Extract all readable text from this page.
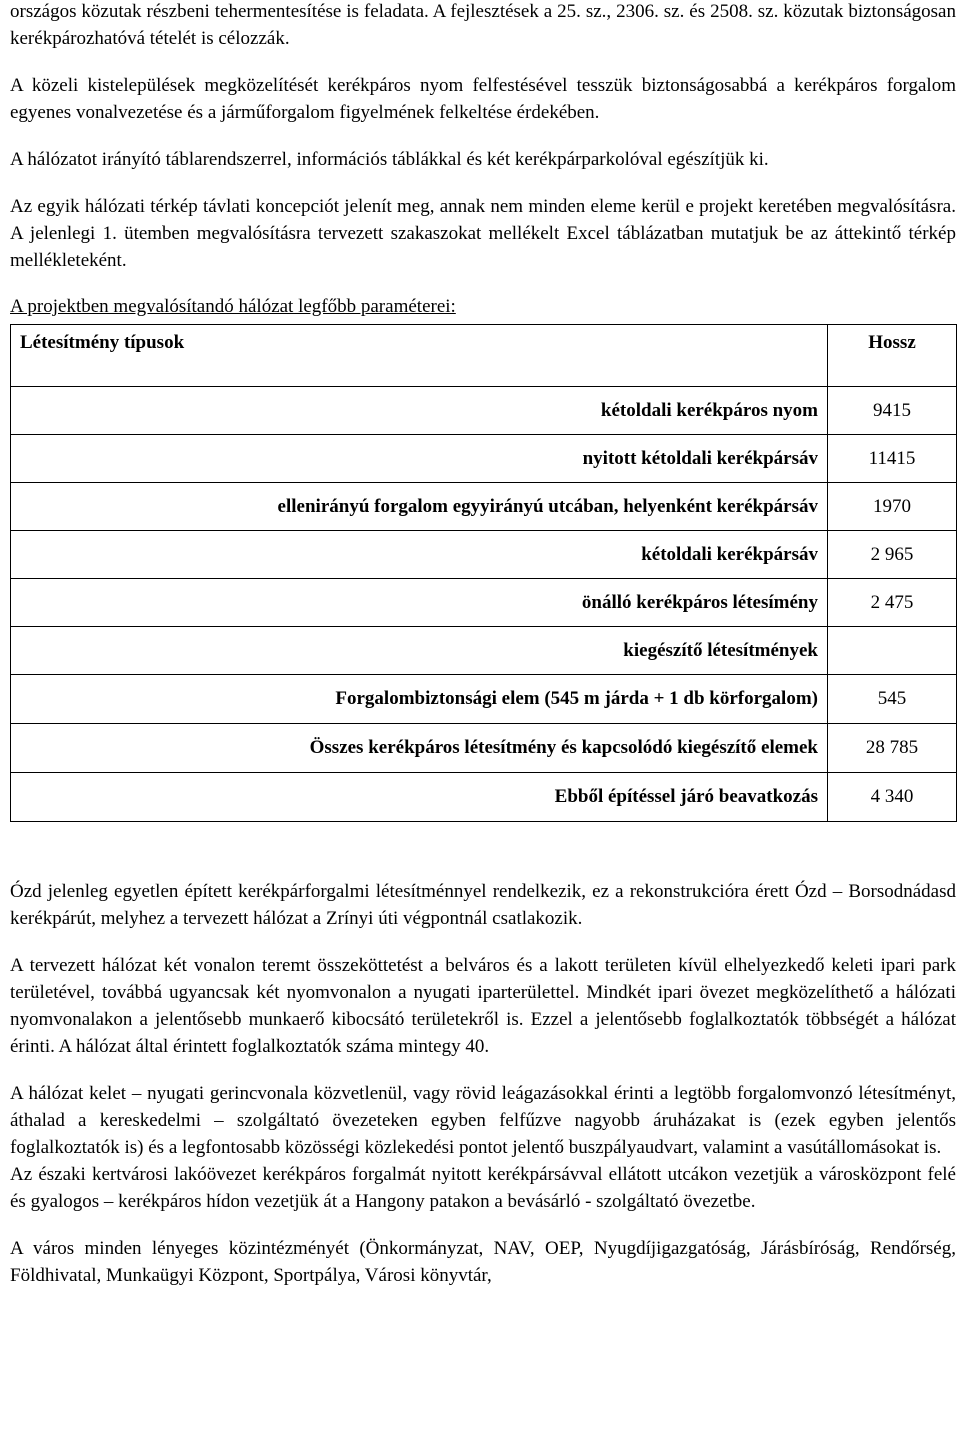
országos közutak részbeni tehermentesítése is feladata. A fejlesztések a 25. sz., 2306. sz. és 2508. sz. közutak biztonságosan kerékpározhatóvá tételét is célozzák.

A közeli kistelepülések megközelítését kerékpáros nyom felfestésével tesszük biztonságosabbá a kerékpáros forgalom egyenes vonalvezetése és a járműforgalom figyelmének felkeltése érdekében.

A hálózatot irányító táblarendszerrel, információs táblákkal és két kerékpárparkolóval egészítjük ki.

Az egyik hálózati térkép távlati koncepciót jelenít meg, annak nem minden eleme kerül e projekt keretében megvalósításra. A jelenlegi 1. ütemben megvalósításra tervezett szakaszokat mellékelt Excel táblázatban mutatjuk be az áttekintő térkép mellékleteként.

A projektben megvalósítandó hálózat legfőbb paraméterei:

Létesítmény típusok	Hossz
kétoldali kerékpáros nyom	9415
nyitott kétoldali kerékpársáv	11415
ellenirányú forgalom egyyirányú utcában, helyenként kerékpársáv	1970
kétoldali kerékpársáv	2 965
önálló kerékpáros létesímény	2 475
kiegészítő létesítmények	
Forgalombiztonsági elem (545 m járda + 1 db körforgalom)	545
Összes kerékpáros létesítmény és kapcsolódó kiegészítő elemek	28 785
Ebből építéssel járó beavatkozás	4 340

Ózd jelenleg egyetlen épített kerékpárforgalmi létesítménnyel rendelkezik, ez a rekonstrukcióra érett Ózd – Borsodnádasd kerékpárút, melyhez a tervezett hálózat a Zrínyi úti végpontnál csatlakozik.

A tervezett hálózat két vonalon teremt összeköttetést a belváros és a lakott területen kívül elhelyezkedő keleti ipari park területével, továbbá ugyancsak két nyomvonalon a nyugati iparterülettel. Mindkét ipari övezet megközelíthető a hálózati nyomvonalakon a jelentősebb munkaerő kibocsátó területekről is. Ezzel a jelentősebb foglalkoztatók többségét a hálózat érinti. A hálózat által érintett foglalkoztatók száma mintegy 40.

A hálózat kelet – nyugati gerincvonala közvetlenül, vagy rövid leágazásokkal érinti a legtöbb forgalomvonzó létesítményt, áthalad a kereskedelmi – szolgáltató övezeteken egyben felfűzve nagyobb áruházakat is (ezek egyben jelentős foglalkoztatók is) és a legfontosabb közösségi közlekedési pontot jelentő buszpályaudvart, valamint a vasútállomásokat is.

Az északi kertvárosi lakóövezet kerékpáros forgalmát nyitott kerékpársávval ellátott utcákon vezetjük a városközpont felé és gyalogos – kerékpáros hídon vezetjük át a Hangony patakon a bevásárló - szolgáltató övezetbe.

A város minden lényeges közintézményét (Önkormányzat, NAV, OEP, Nyugdíjigazgatóság, Járásbíróság, Rendőrség, Földhivatal, Munkaügyi Központ, Sportpálya, Városi könyvtár,
